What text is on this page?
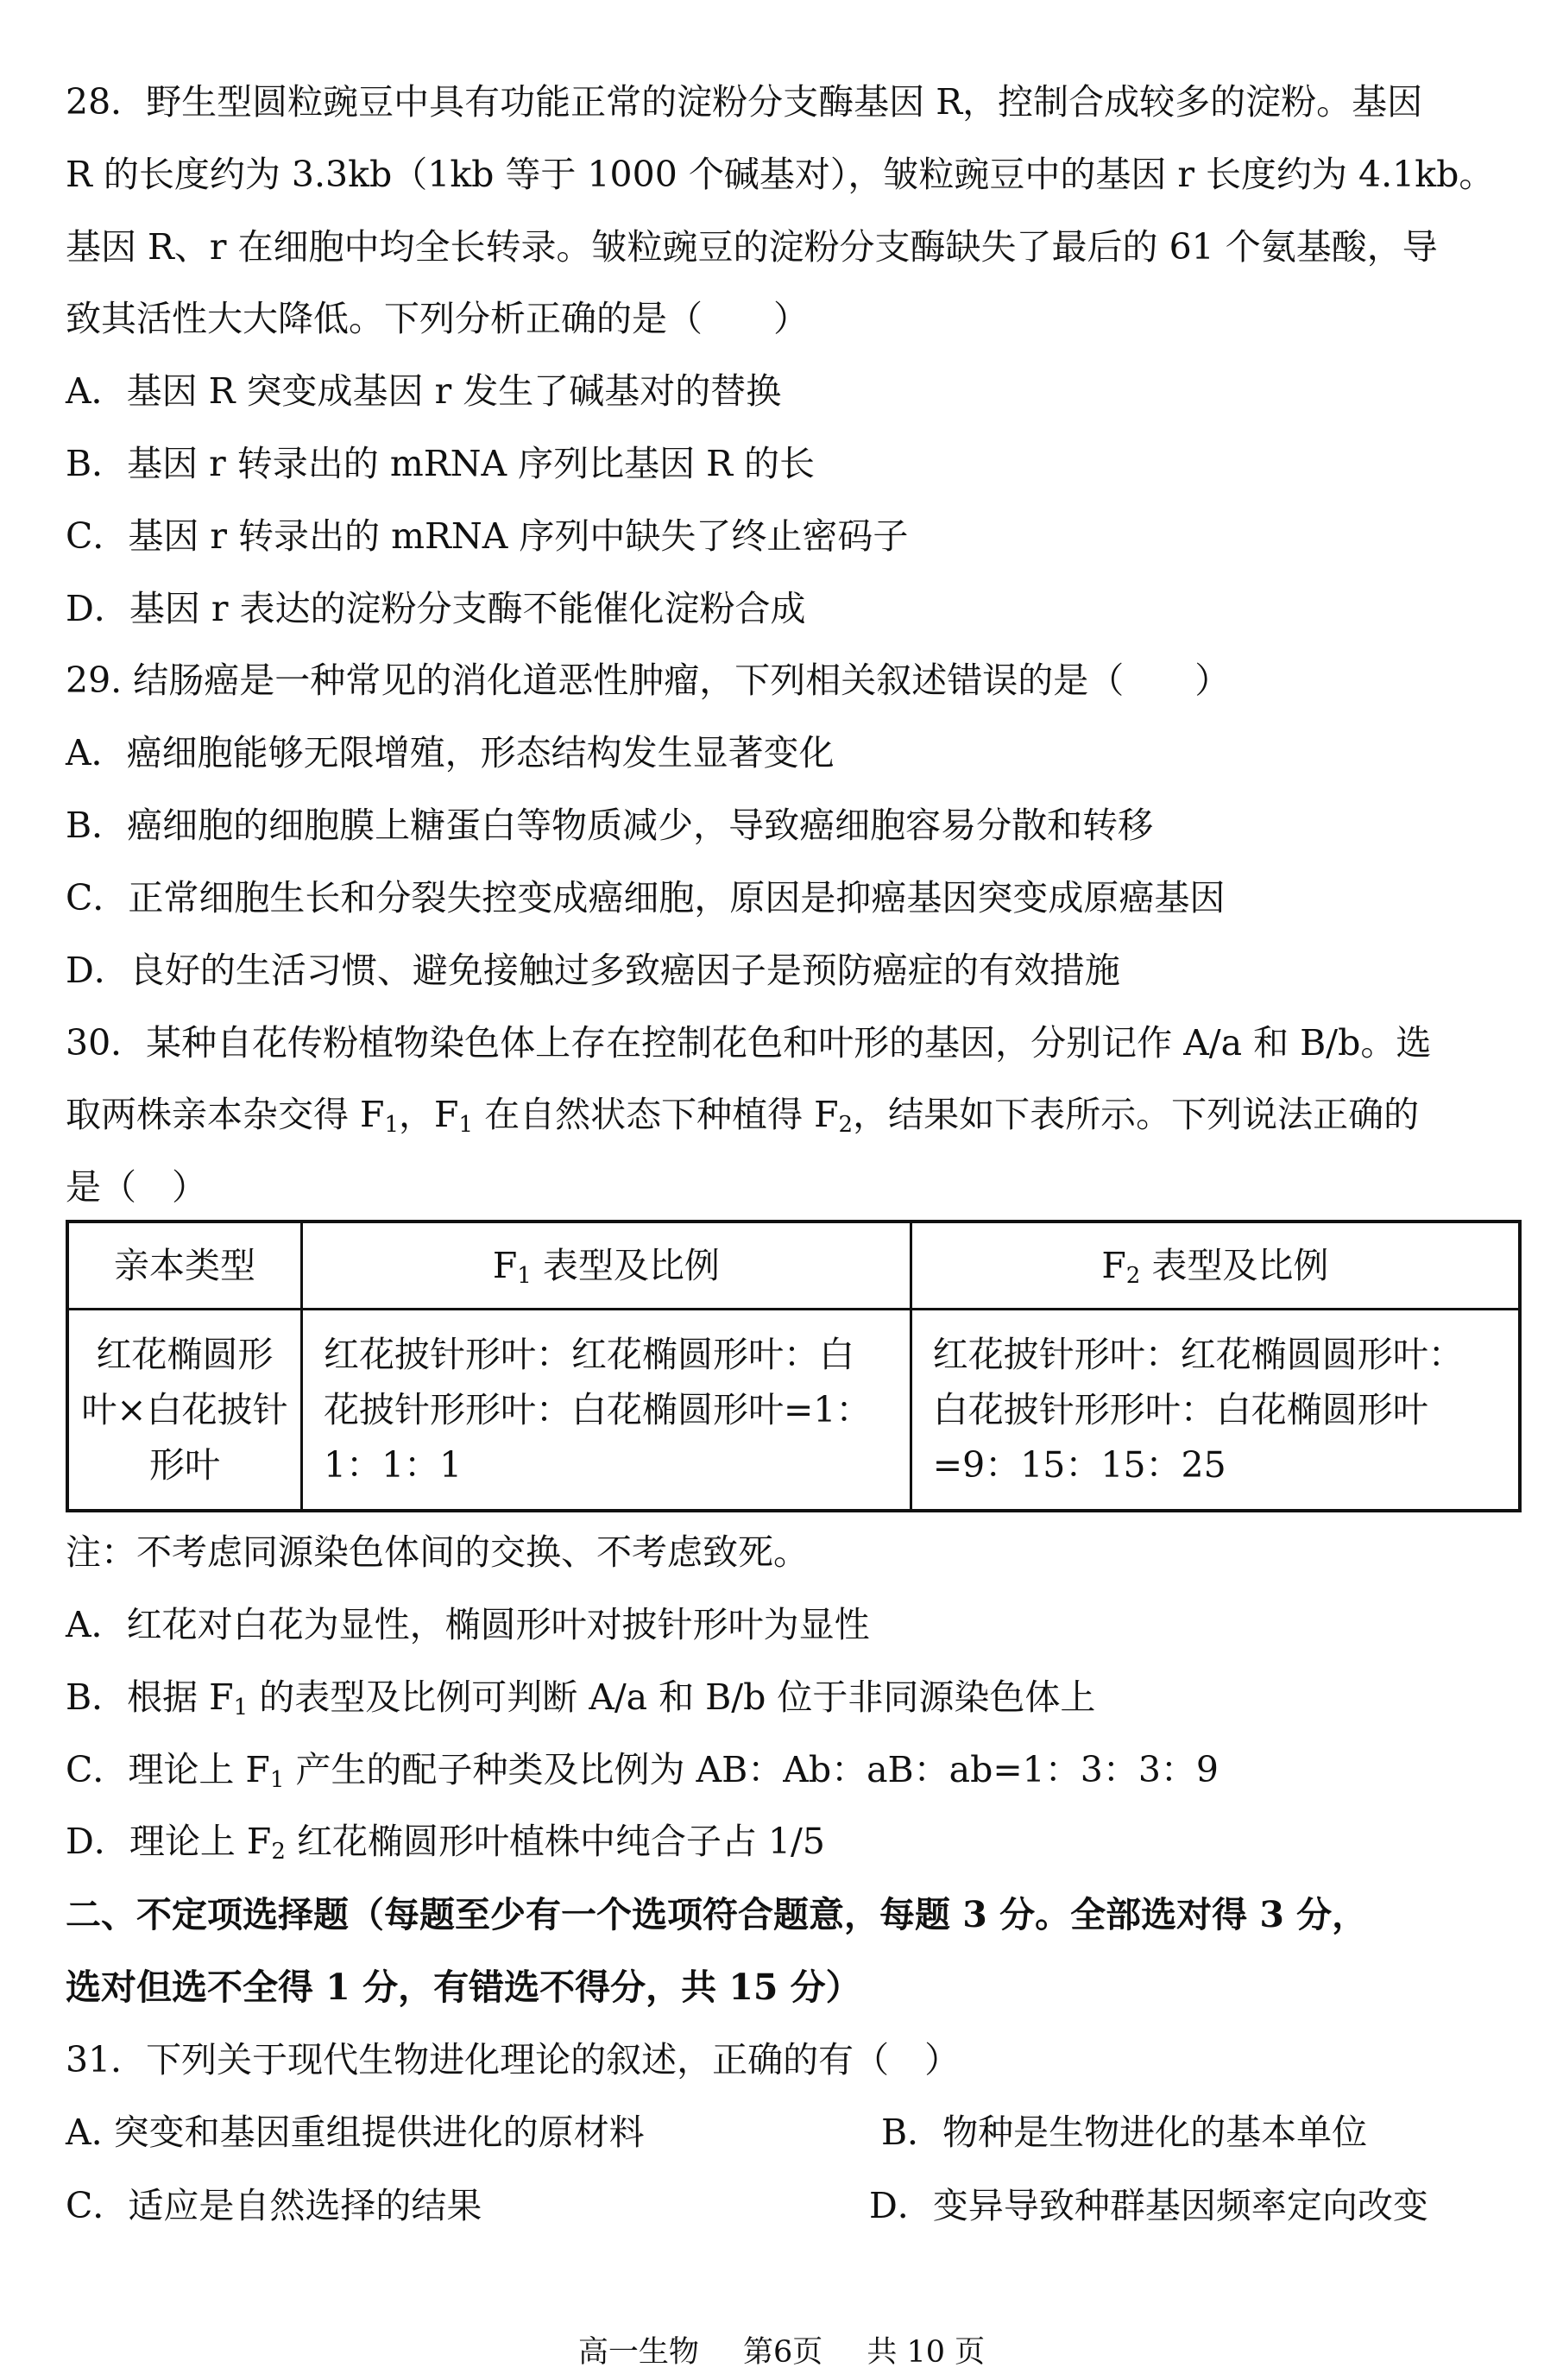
28．野生型圆粒豌豆中具有功能正常的淀粉分支酶基因 R，控制合成较多的淀粉。基因
R 的长度约为 3.3kb（1kb 等于 1000 个碱基对），皱粒豌豆中的基因 r 长度约为 4.1kb。
基因 R、r 在细胞中均全长转录。皱粒豌豆的淀粉分支酶缺失了最后的 61 个氨基酸，导
致其活性大大降低。下列分析正确的是（　　）
A．基因 R 突变成基因 r 发生了碱基对的替换
B．基因 r 转录出的 mRNA 序列比基因 R 的长
C．基因 r 转录出的 mRNA 序列中缺失了终止密码子
D．基因 r 表达的淀粉分支酶不能催化淀粉合成
29. 结肠癌是一种常见的消化道恶性肿瘤，下列相关叙述错误的是（　　）
A．癌细胞能够无限增殖，形态结构发生显著变化
B．癌细胞的细胞膜上糖蛋白等物质减少，导致癌细胞容易分散和转移
C．正常细胞生长和分裂失控变成癌细胞，原因是抑癌基因突变成原癌基因
D．良好的生活习惯、避免接触过多致癌因子是预防癌症的有效措施
30．某种自花传粉植物染色体上存在控制花色和叶形的基因，分别记作 A/a 和 B/b。选
取两株亲本杂交得 $F_1$，$F_1$ 在自然状态下种植得 $F_2$，结果如下表所示。下列说法正确的
是（　）
亲本类型	$F_1$ 表型及比例	$F_2$ 表型及比例
红花椭圆形叶×白花披针形叶	红花披针形叶：红花椭圆形叶：白花披针形形叶：白花椭圆形叶=1：1：1：1	红花披针形叶：红花椭圆圆形叶：白花披针形形叶：白花椭圆形叶=9：15：15：25
注：不考虑同源染色体间的交换、不考虑致死。
A．红花对白花为显性，椭圆形叶对披针形叶为显性
B．根据 $F_1$ 的表型及比例可判断 A/a 和 B/b 位于非同源染色体上
C．理论上 $F_1$ 产生的配子种类及比例为 AB：Ab：aB：ab=1：3：3：9
D．理论上 $F_2$ 红花椭圆形叶植株中纯合子占 1/5
二、不定项选择题（每题至少有一个选项符合题意，每题 3 分。全部选对得 3 分，
选对但选不全得 1 分，有错选不得分，共 15 分）
31．下列关于现代生物进化理论的叙述，正确的有（　）
A. 突变和基因重组提供进化的原材料	B．物种是生物进化的基本单位
C．适应是自然选择的结果	D．变异导致种群基因频率定向改变
高一生物 第6页 共 10 页
